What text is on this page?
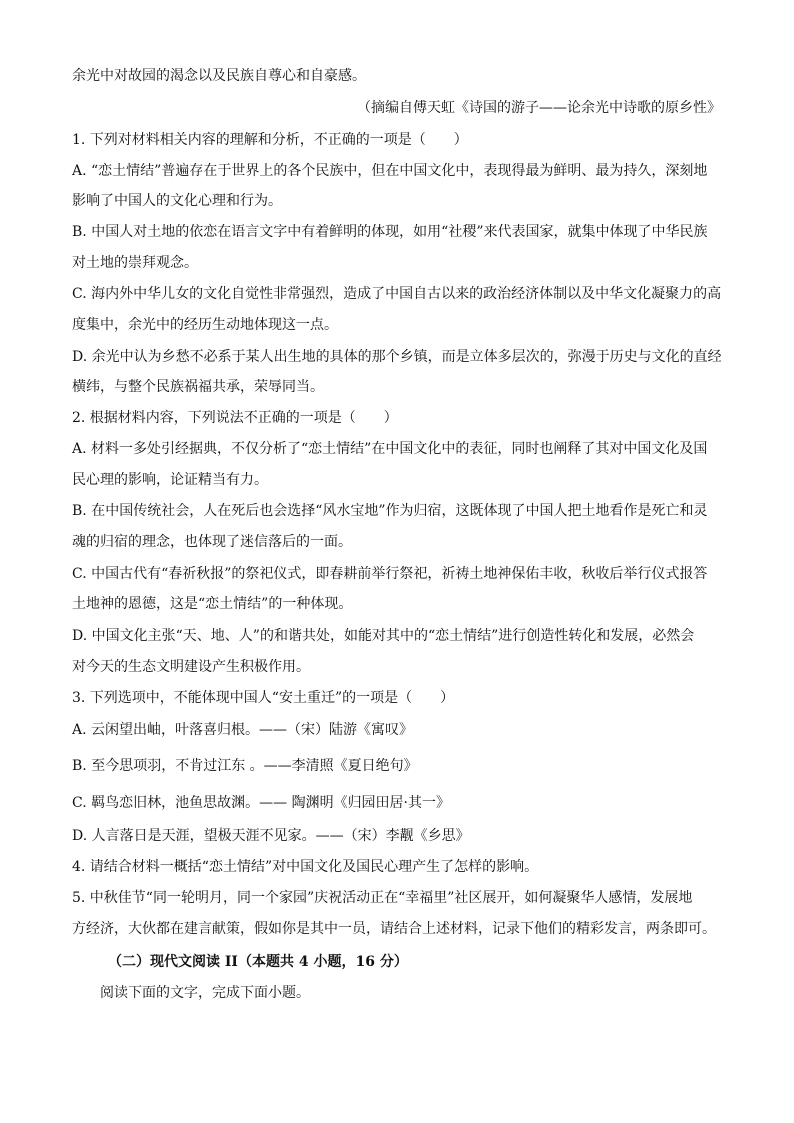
余光中对故园的渴念以及民族自尊心和自豪感。
（摘编自傅天虹《诗国的游子——论余光中诗歌的原乡性》
1. 下列对材料相关内容的理解和分析，不正确的一项是（　　）
A. “恋土情结”普遍存在于世界上的各个民族中，但在中国文化中，表现得最为鲜明、最为持久，深刻地
影响了中国人的文化心理和行为。
B. 中国人对土地的依恋在语言文字中有着鲜明的体现，如用“社稷”来代表国家，就集中体现了中华民族
对土地的崇拜观念。
C. 海内外中华儿女的文化自觉性非常强烈，造成了中国自古以来的政治经济体制以及中华文化凝聚力的高
度集中，余光中的经历生动地体现这一点。
D. 余光中认为乡愁不必系于某人出生地的具体的那个乡镇，而是立体多层次的，弥漫于历史与文化的直经
横纬，与整个民族祸福共承，荣辱同当。
2. 根据材料内容，下列说法不正确的一项是（　　）
A. 材料一多处引经据典，不仅分析了“恋土情结”在中国文化中的表征，同时也阐释了其对中国文化及国
民心理的影响，论证精当有力。
B. 在中国传统社会，人在死后也会选择“风水宝地”作为归宿，这既体现了中国人把土地看作是死亡和灵
魂的归宿的理念，也体现了迷信落后的一面。
C. 中国古代有“春祈秋报”的祭祀仪式，即春耕前举行祭祀，祈祷土地神保佑丰收，秋收后举行仪式报答
土地神的恩德，这是“恋土情结”的一种体现。
D. 中国文化主张“天、地、人”的和谐共处，如能对其中的“恋土情结”进行创造性转化和发展，必然会
对今天的生态文明建设产生积极作用。
3. 下列选项中，不能体现中国人“安土重迁”的一项是（　　）
A. 云闲望出岫，叶落喜归根。——（宋）陆游《寓叹》
B. 至今思项羽，不肯过江东 。——李清照《夏日绝句》
C. 羁鸟恋旧林，池鱼思故渊。—— 陶渊明《归园田居·其一》
D. 人言落日是天涯，望极天涯不见家。——（宋）李觏《乡思》
4. 请结合材料一概括“恋土情结”对中国文化及国民心理产生了怎样的影响。
5. 中秋佳节“同一轮明月，同一个家园”庆祝活动正在“幸福里”社区展开，如何凝聚华人感情，发展地
方经济，大伙都在建言献策，假如你是其中一员，请结合上述材料，记录下他们的精彩发言，两条即可。
（二）现代文阅读 II（本题共 4 小题，16 分）
阅读下面的文字，完成下面小题。
